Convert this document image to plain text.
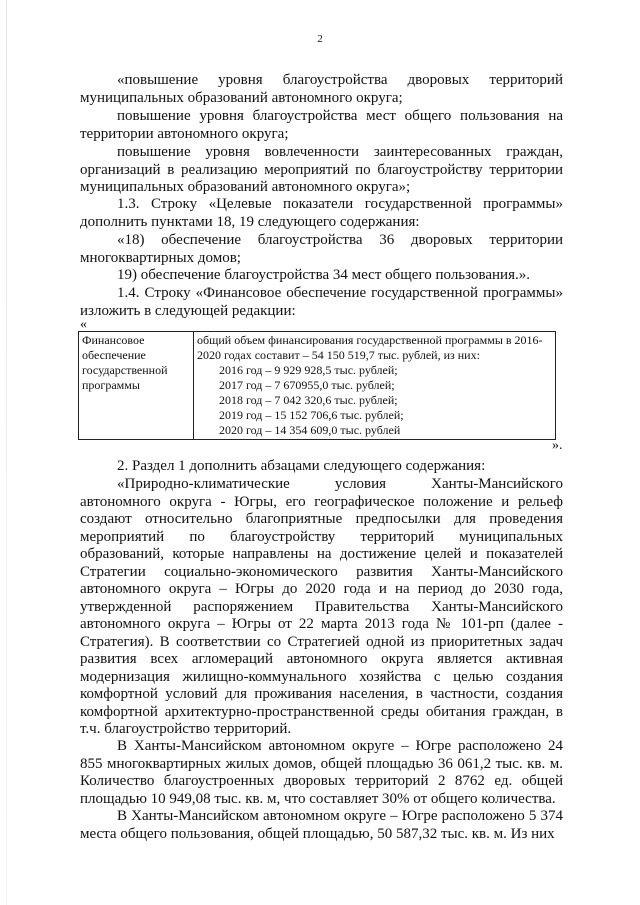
2

«повышение уровня благоустройства дворовых территорий муниципальных образований автономного округа;

повышение уровня благоустройства мест общего пользования на территории автономного округа;

повышение уровня вовлеченности заинтересованных граждан, организаций в реализацию мероприятий по благоустройству территории муниципальных образований автономного округа»;

1.3. Строку «Целевые показатели государственной программы» дополнить пунктами 18, 19 следующего содержания:

«18) обеспечение благоустройства 36 дворовых территории многоквартирных домов;

19) обеспечение благоустройства 34 мест общего пользования.».

1.4. Строку «Финансовое обеспечение государственной программы» изложить в следующей редакции:

«
Финансовое обеспечение государственной программы	общий объем финансирования государственной программы в 2016-2020 годах составит – 54 150 519,7 тыс. рублей, из них:
2016 год – 9 929 928,5 тыс. рублей;
2017 год – 7 670955,0 тыс. рублей;
2018 год – 7 042 320,6 тыс. рублей;
2019 год – 15 152 706,6 тыс. рублей;
2020 год – 14 354 609,0 тыс. рублей
».

2. Раздел 1 дополнить абзацами следующего содержания:

«Природно-климатические условия Ханты-Мансийского автономного округа - Югры, его географическое положение и рельеф создают относительно благоприятные предпосылки для проведения мероприятий по благоустройству территорий муниципальных образований, которые направлены на достижение целей и показателей Стратегии социально-экономического развития Ханты-Мансийского автономного округа – Югры до 2020 года и на период до 2030 года, утвержденной распоряжением Правительства Ханты-Мансийского автономного округа – Югры от 22 марта 2013 года № 101-рп (далее - Стратегия). В соответствии со Стратегией одной из приоритетных задач развития всех агломераций автономного округа является активная модернизация жилищно-коммунального хозяйства с целью создания комфортной условий для проживания населения, в частности, создания комфортной архитектурно-пространственной среды обитания граждан, в т.ч. благоустройство территорий.

В Ханты-Мансийском автономном округе – Югре расположено 24 855 многоквартирных жилых домов, общей площадью 36 061,2 тыс. кв. м. Количество благоустроенных дворовых территорий 2 8762 ед. общей площадью 10 949,08 тыс. кв. м, что составляет 30% от общего количества.

В Ханты-Мансийском автономном округе – Югре расположено 5 374 места общего пользования, общей площадью, 50 587,32 тыс. кв. м. Из них
